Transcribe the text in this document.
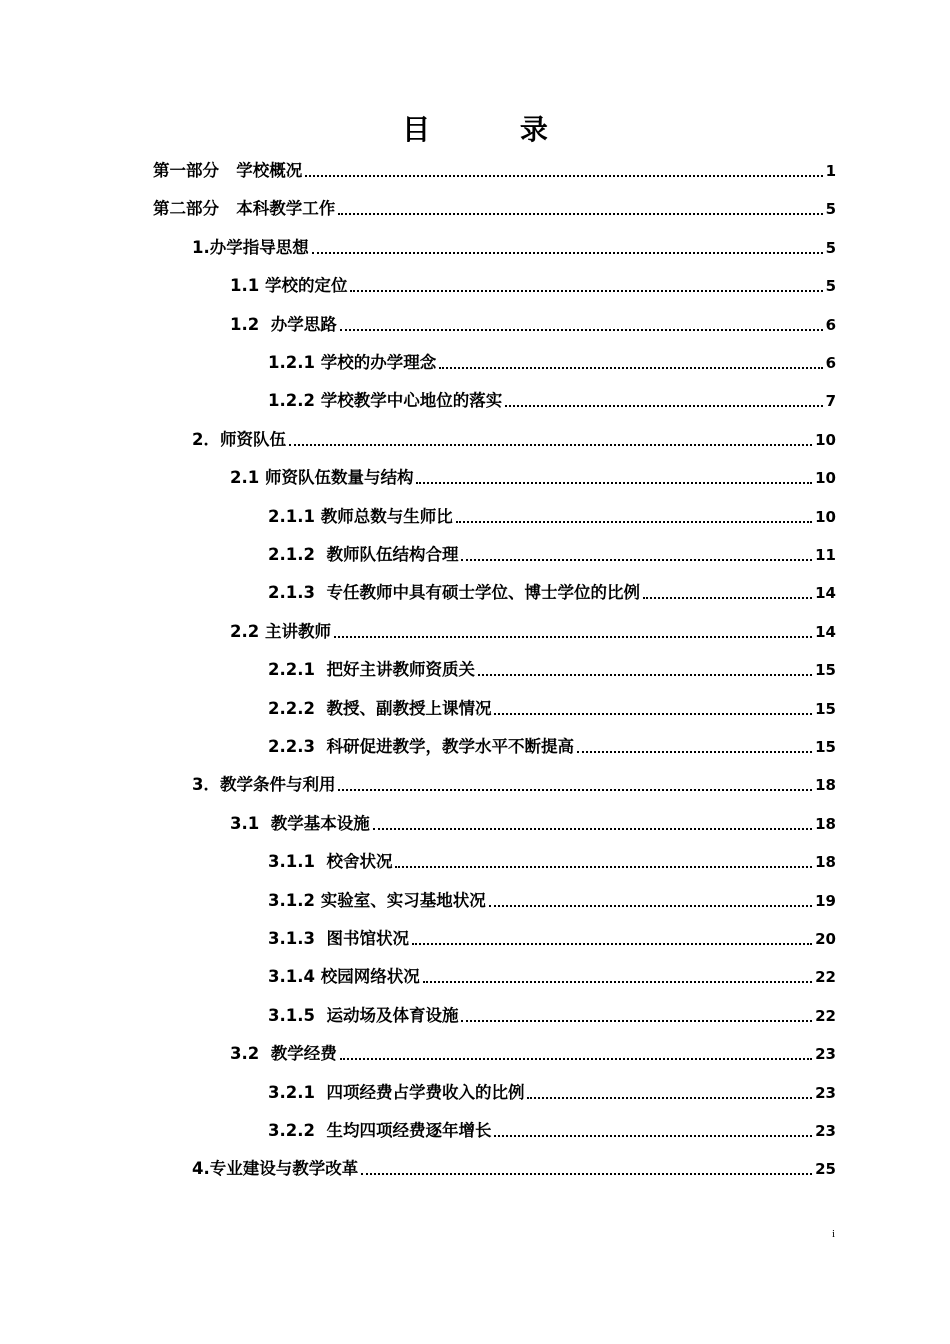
目 录
第一部分   学校概况	1
第二部分   本科教学工作	5
1.办学指导思想	5
1.1 学校的定位	5
1.2  办学思路	6
1.2.1 学校的办学理念	6
1.2.2 学校教学中心地位的落实	7
2．师资队伍	10
2.1 师资队伍数量与结构	10
2.1.1 教师总数与生师比	10
2.1.2  教师队伍结构合理	11
2.1.3  专任教师中具有硕士学位、博士学位的比例	14
2.2 主讲教师	14
2.2.1  把好主讲教师资质关	15
2.2.2  教授、副教授上课情况	15
2.2.3  科研促进教学，教学水平不断提高	15
3．教学条件与利用	18
3.1  教学基本设施	18
3.1.1  校舍状况	18
3.1.2 实验室、实习基地状况	19
3.1.3  图书馆状况	20
3.1.4 校园网络状况	22
3.1.5  运动场及体育设施	22
3.2  教学经费	23
3.2.1  四项经费占学费收入的比例	23
3.2.2  生均四项经费逐年增长	23
4.专业建设与教学改革	25
i
